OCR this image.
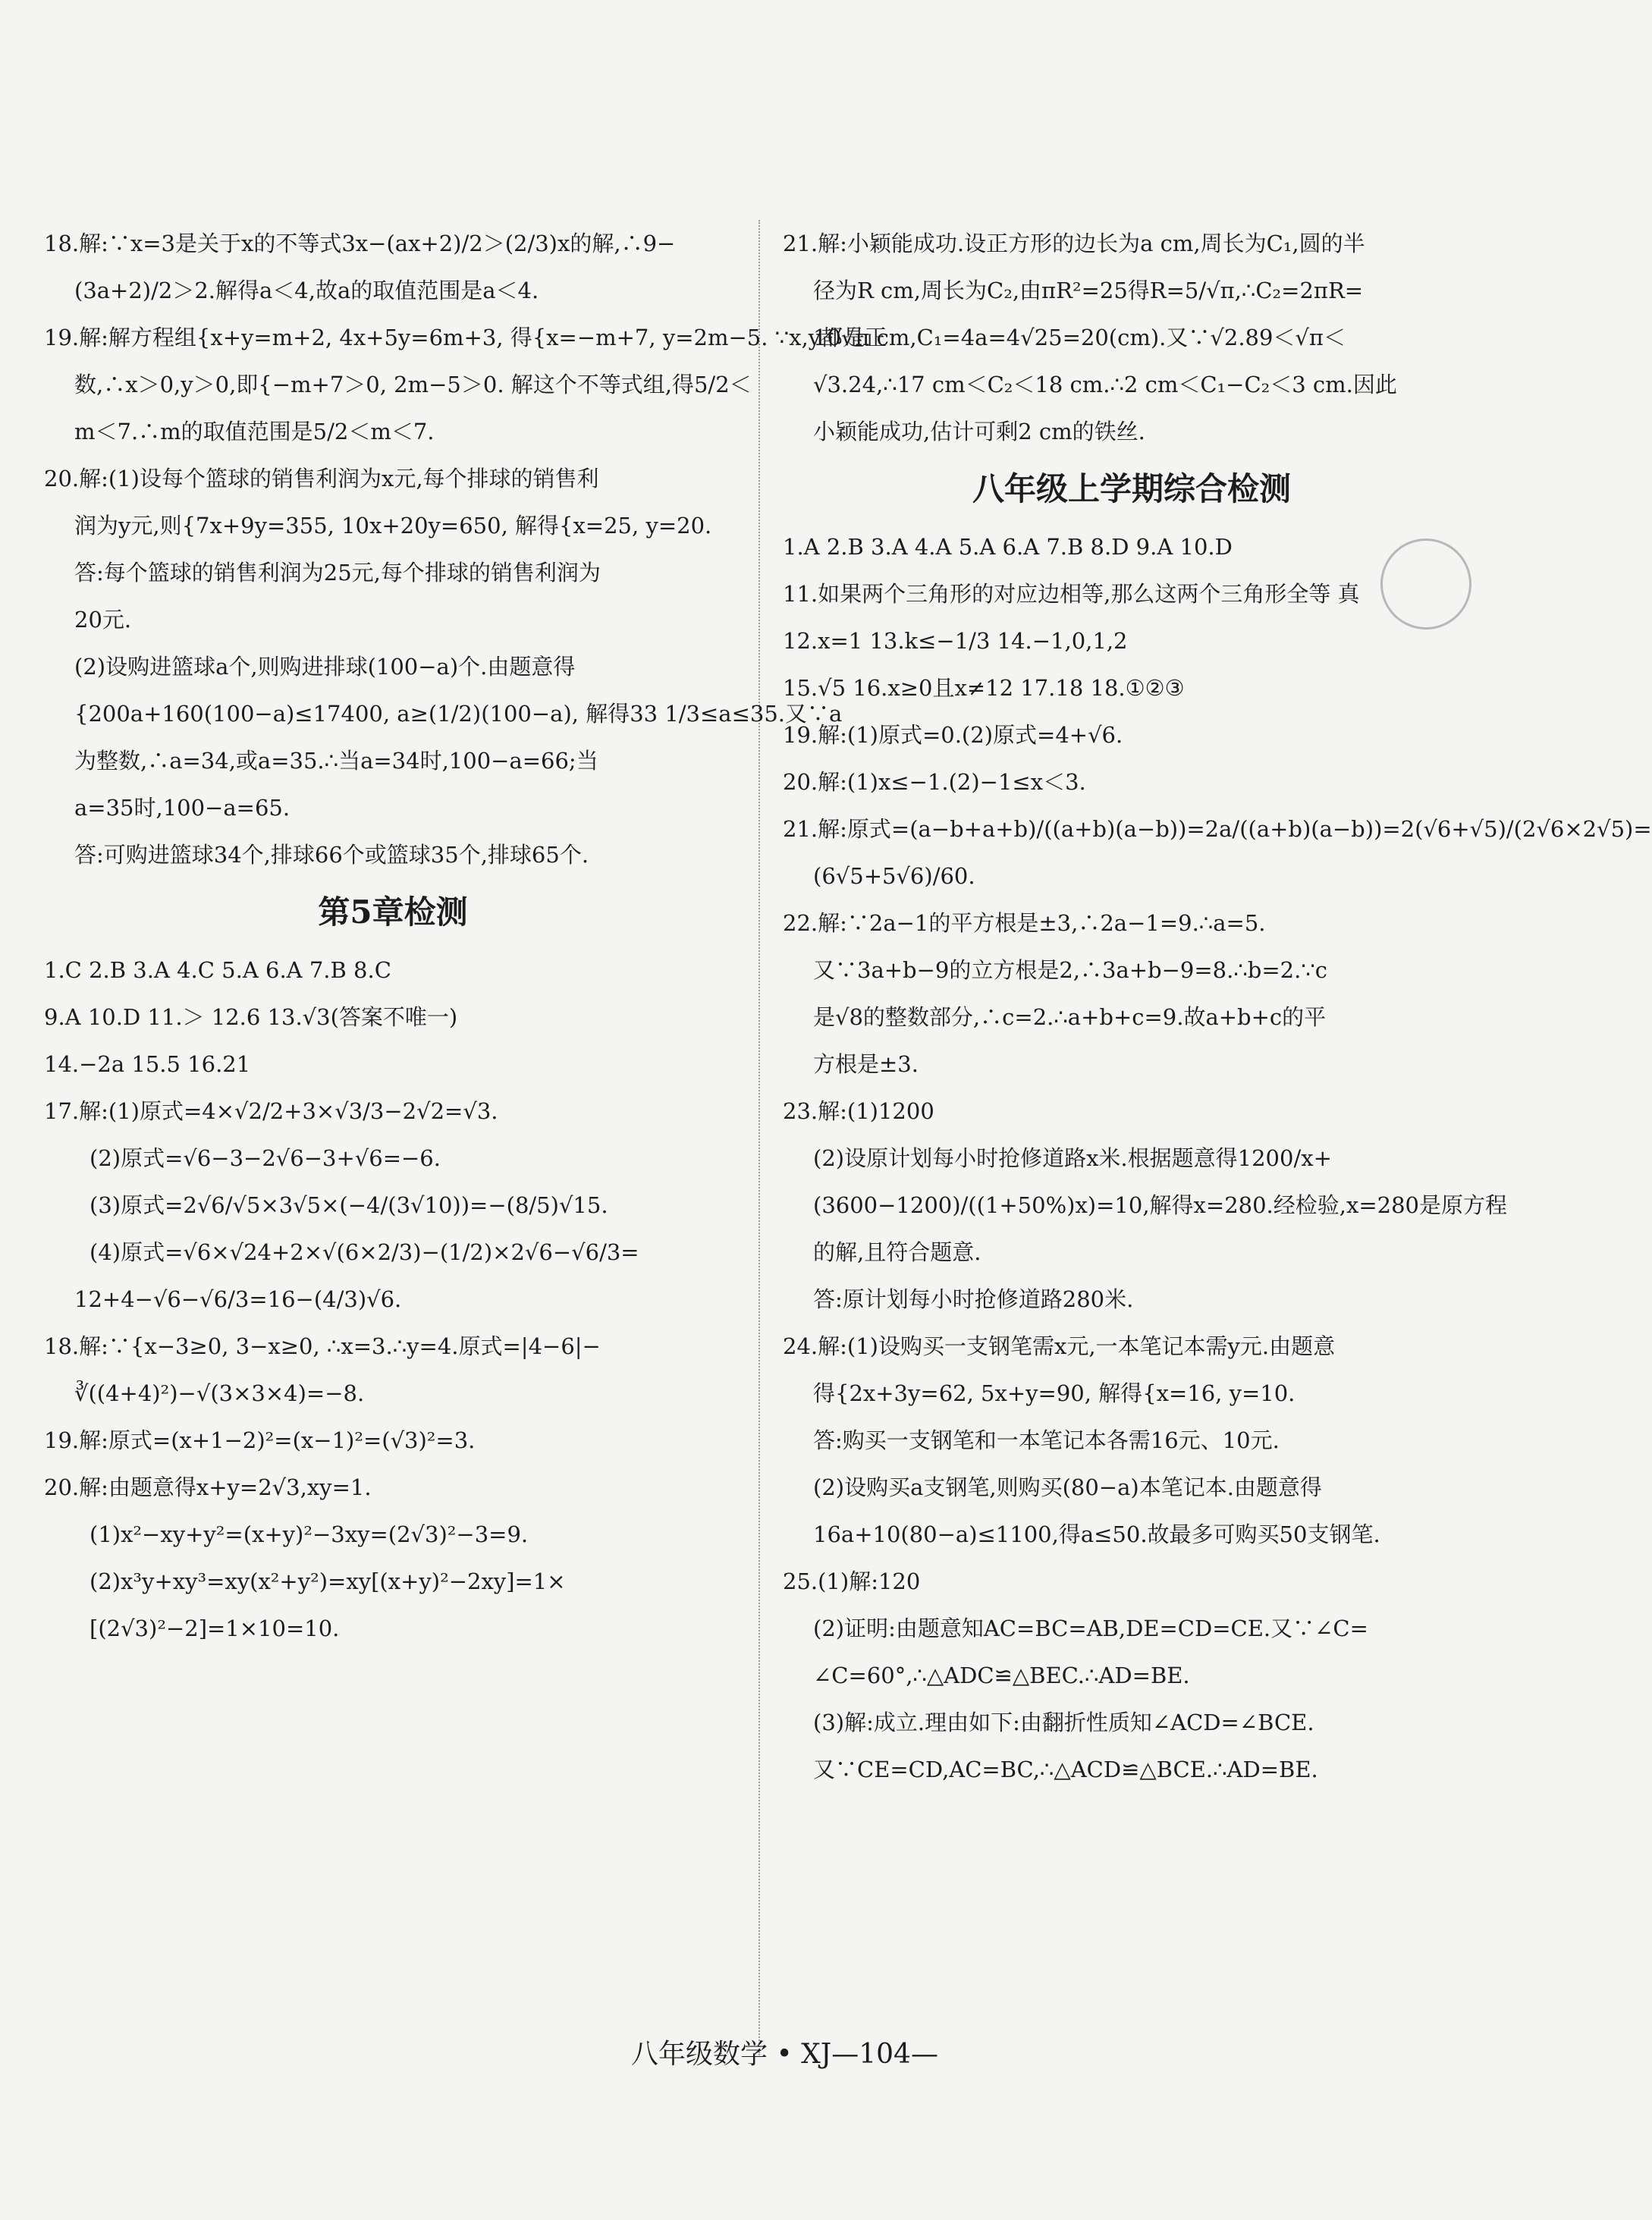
18.解:∵x=3是关于x的不等式3x−(ax+2)/2＞(2/3)x的解,∴9−
(3a+2)/2＞2.解得a＜4,故a的取值范围是a＜4.
19.解:解方程组{x+y=m+2, 4x+5y=6m+3, 得{x=−m+7, y=2m−5. ∵x,y都是正
数,∴x＞0,y＞0,即{−m+7＞0, 2m−5＞0. 解这个不等式组,得5/2＜
m＜7.∴m的取值范围是5/2＜m＜7.
20.解:(1)设每个篮球的销售利润为x元,每个排球的销售利
润为y元,则{7x+9y=355, 10x+20y=650, 解得{x=25, y=20.
答:每个篮球的销售利润为25元,每个排球的销售利润为
20元.
(2)设购进篮球a个,则购进排球(100−a)个.由题意得
{200a+160(100−a)≤17400, a≥(1/2)(100−a), 解得33 1/3≤a≤35.又∵a
为整数,∴a=34,或a=35.∴当a=34时,100−a=66;当
a=35时,100−a=65.
答:可购进篮球34个,排球66个或篮球35个,排球65个.
第5章检测
1.C 2.B 3.A 4.C 5.A 6.A 7.B 8.C
9.A 10.D 11.＞ 12.6 13.√3(答案不唯一)
14.−2a 15.5 16.21
17.解:(1)原式=4×√2/2+3×√3/3−2√2=√3.
(2)原式=√6−3−2√6−3+√6=−6.
(3)原式=2√6/√5×3√5×(−4/(3√10))=−(8/5)√15.
(4)原式=√6×√24+2×√(6×2/3)−(1/2)×2√6−√6/3=
12+4−√6−√6/3=16−(4/3)√6.
18.解:∵{x−3≥0, 3−x≥0, ∴x=3.∴y=4.原式=|4−6|−
∛((4+4)²)−√(3×3×4)=−8.
19.解:原式=(x+1−2)²=(x−1)²=(√3)²=3.
20.解:由题意得x+y=2√3,xy=1.
(1)x²−xy+y²=(x+y)²−3xy=(2√3)²−3=9.
(2)x³y+xy³=xy(x²+y²)=xy[(x+y)²−2xy]=1×
[(2√3)²−2]=1×10=10.
21.解:小颖能成功.设正方形的边长为a cm,周长为C₁,圆的半
径为R cm,周长为C₂,由πR²=25得R=5/√π,∴C₂=2πR=
10√π cm,C₁=4a=4√25=20(cm).又∵√2.89＜√π＜
√3.24,∴17 cm＜C₂＜18 cm.∴2 cm＜C₁−C₂＜3 cm.因此
小颖能成功,估计可剩2 cm的铁丝.
八年级上学期综合检测
1.A 2.B 3.A 4.A 5.A 6.A 7.B 8.D 9.A 10.D
11.如果两个三角形的对应边相等,那么这两个三角形全等 真
12.x=1 13.k≤−1/3 14.−1,0,1,2
15.√5 16.x≥0且x≠12 17.18 18.①②③
19.解:(1)原式=0.(2)原式=4+√6.
20.解:(1)x≤−1.(2)−1≤x＜3.
21.解:原式=(a−b+a+b)/((a+b)(a−b))=2a/((a+b)(a−b))=2(√6+√5)/(2√6×2√5)=
(6√5+5√6)/60.
22.解:∵2a−1的平方根是±3,∴2a−1=9.∴a=5.
又∵3a+b−9的立方根是2,∴3a+b−9=8.∴b=2.∵c
是√8的整数部分,∴c=2.∴a+b+c=9.故a+b+c的平
方根是±3.
23.解:(1)1200
(2)设原计划每小时抢修道路x米.根据题意得1200/x+
(3600−1200)/((1+50%)x)=10,解得x=280.经检验,x=280是原方程
的解,且符合题意.
答:原计划每小时抢修道路280米.
24.解:(1)设购买一支钢笔需x元,一本笔记本需y元.由题意
得{2x+3y=62, 5x+y=90, 解得{x=16, y=10.
答:购买一支钢笔和一本笔记本各需16元、10元.
(2)设购买a支钢笔,则购买(80−a)本笔记本.由题意得
16a+10(80−a)≤1100,得a≤50.故最多可购买50支钢笔.
25.(1)解:120
(2)证明:由题意知AC=BC=AB,DE=CD=CE.又∵∠C=
∠C=60°,∴△ADC≌△BEC.∴AD=BE.
(3)解:成立.理由如下:由翻折性质知∠ACD=∠BCE.
又∵CE=CD,AC=BC,∴△ACD≌△BCE.∴AD=BE.
八年级数学 • XJ—104—
